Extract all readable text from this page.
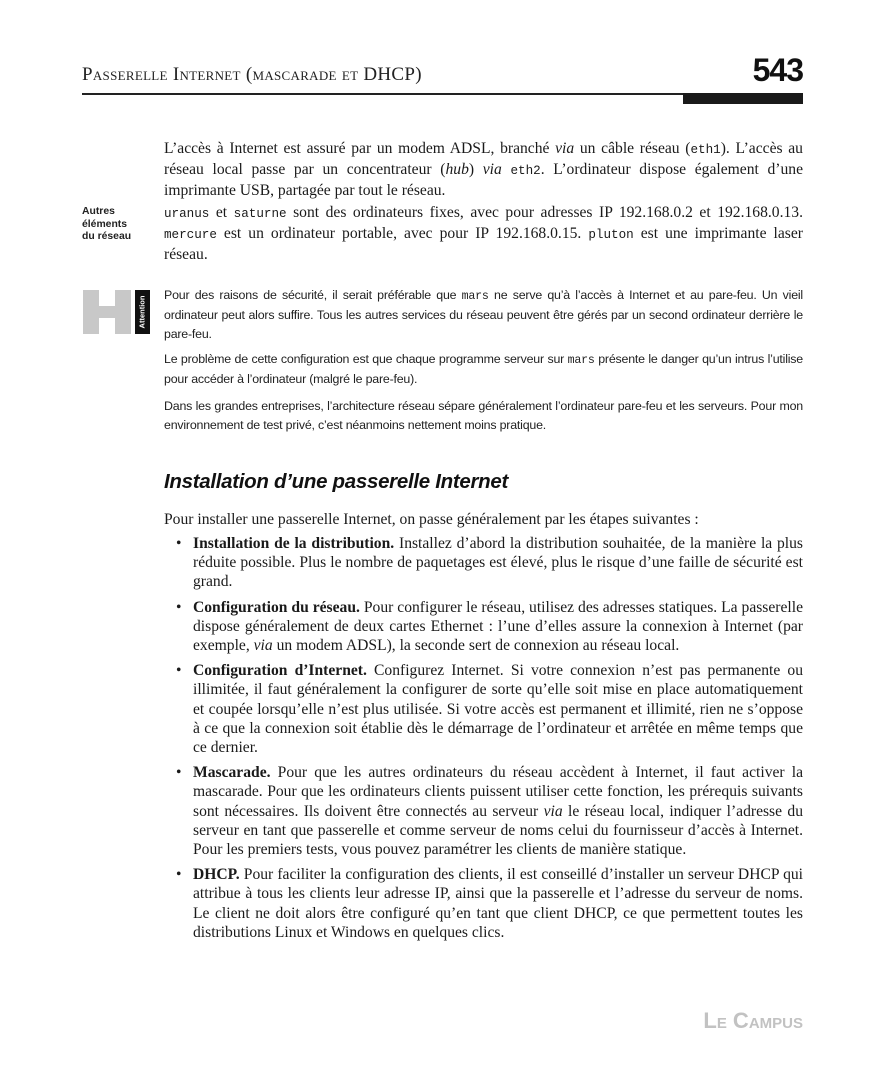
Passerelle Internet (mascarade et DHCP)	543
L’accès à Internet est assuré par un modem ADSL, branché via un câble réseau (eth1). L’accès au réseau local passe par un concentrateur (hub) via eth2. L’ordinateur dispose également d’une imprimante USB, partagée par tout le réseau.
Autres
éléments
du réseau
uranus et saturne sont des ordinateurs fixes, avec pour adresses IP 192.168.0.2 et 192.168.0.13. mercure est un ordinateur portable, avec pour IP 192.168.0.15. pluton est une imprimante laser réseau.
Attention
Pour des raisons de sécurité, il serait préférable que mars ne serve qu’à l’accès à Internet et au pare-feu. Un vieil ordinateur peut alors suffire. Tous les autres services du réseau peuvent être gérés par un second ordinateur derrière le pare-feu.
Le problème de cette configuration est que chaque programme serveur sur mars présente le danger qu’un intrus l’utilise pour accéder à l’ordinateur (malgré le pare-feu).
Dans les grandes entreprises, l’architecture réseau sépare généralement l’ordinateur pare-feu et les serveurs. Pour mon environnement de test privé, c’est néanmoins nettement moins pratique.
Installation d’une passerelle Internet
Pour installer une passerelle Internet, on passe généralement par les étapes suivantes :
• Installation de la distribution. Installez d’abord la distribution souhaitée, de la manière la plus réduite possible. Plus le nombre de paquetages est élevé, plus le risque d’une faille de sécurité est grand.
• Configuration du réseau. Pour configurer le réseau, utilisez des adresses statiques. La passerelle dispose généralement de deux cartes Ethernet : l’une d’elles assure la connexion à Internet (par exemple, via un modem ADSL), la seconde sert de connexion au réseau local.
• Configuration d’Internet. Configurez Internet. Si votre connexion n’est pas permanente ou illimitée, il faut généralement la configurer de sorte qu’elle soit mise en place automatiquement et coupée lorsqu’elle n’est plus utilisée. Si votre accès est permanent et illimité, rien ne s’oppose à ce que la connexion soit établie dès le démarrage de l’ordinateur et arrêtée en même temps que ce dernier.
• Mascarade. Pour que les autres ordinateurs du réseau accèdent à Internet, il faut activer la mascarade. Pour que les ordinateurs clients puissent utiliser cette fonction, les prérequis suivants sont nécessaires. Ils doivent être connectés au serveur via le réseau local, indiquer l’adresse du serveur en tant que passerelle et comme serveur de noms celui du fournisseur d’accès à Internet. Pour les premiers tests, vous pouvez paramétrer les clients de manière statique.
• DHCP. Pour faciliter la configuration des clients, il est conseillé d’installer un serveur DHCP qui attribue à tous les clients leur adresse IP, ainsi que la passerelle et l’adresse du serveur de noms. Le client ne doit alors être configuré qu’en tant que client DHCP, ce que permettent toutes les distributions Linux et Windows en quelques clics.
Le Campus
